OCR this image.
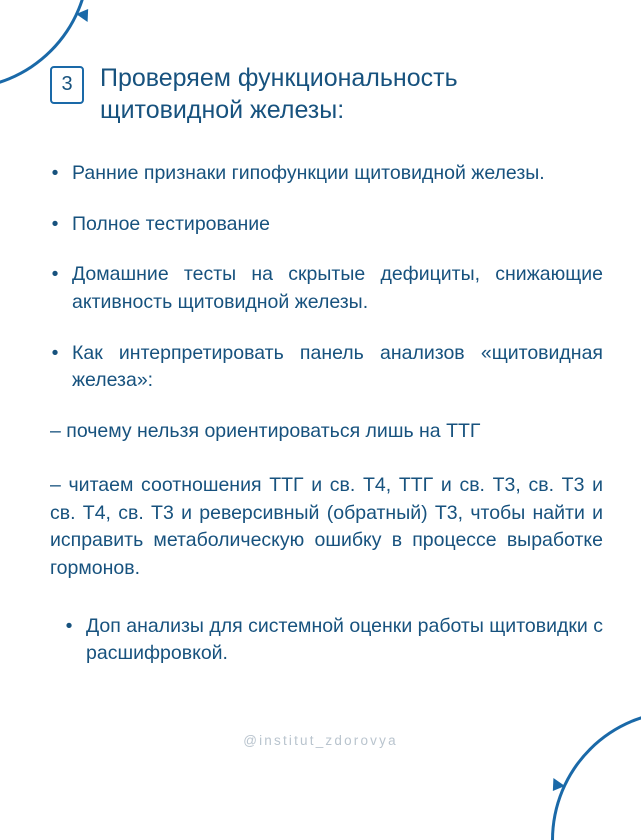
3	Проверяем функциональность
щитовидной железы:
• Ранние признаки гипофункции щитовидной железы.
• Полное тестирование
• Домашние тесты на скрытые дефициты, снижающие активность щитовидной железы.
• Как интерпретировать панель анализов «щитовидная железа»:
– почему нельзя ориентироваться лишь на ТТГ
– читаем соотношения ТТГ и св. Т4, ТТГ и св. Т3, св. Т3 и св. Т4, св. Т3 и реверсивный (обратный) Т3, чтобы найти и исправить метаболическую ошибку в процессе выработке гормонов.
• Доп анализы для системной оценки работы щитовидки с расшифровкой.
@institut_zdorovya
